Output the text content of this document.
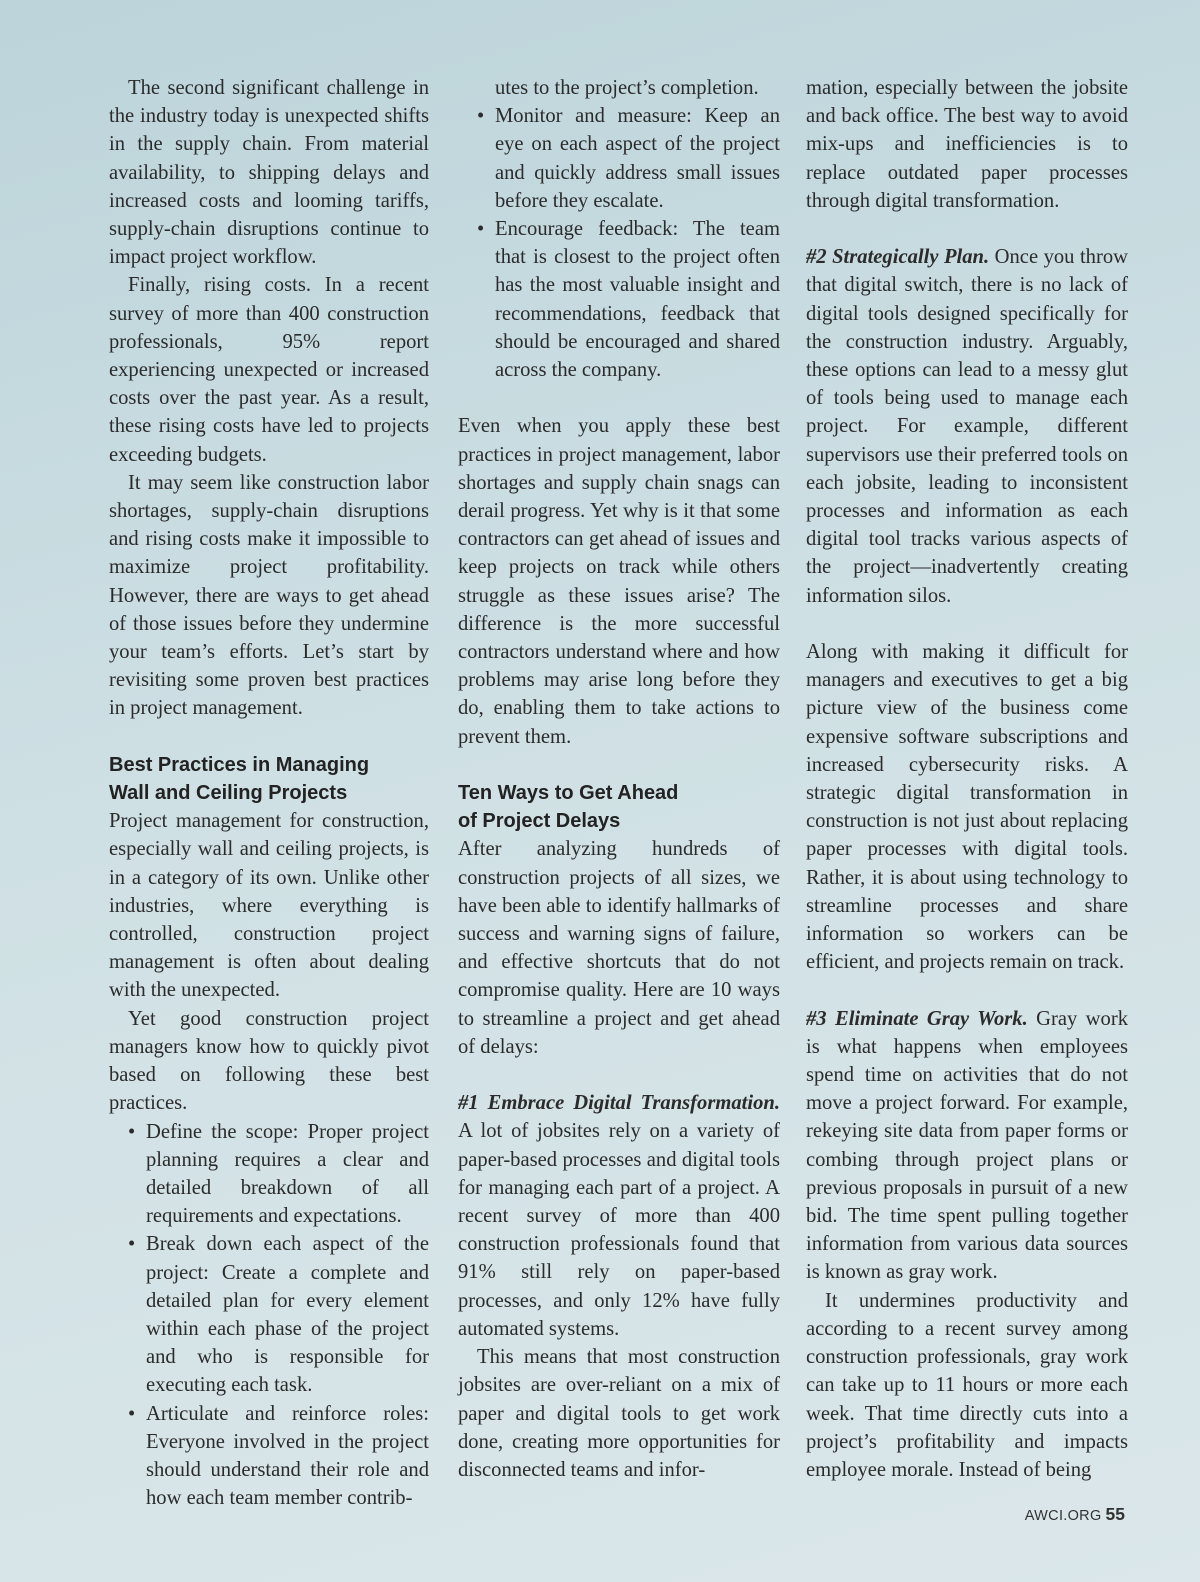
The second significant challenge in the industry today is unexpected shifts in the supply chain. From material availability, to shipping delays and increased costs and looming tariffs, supply-chain disruptions continue to impact project workflow.

Finally, rising costs. In a recent survey of more than 400 construction professionals, 95% report experiencing unexpected or increased costs over the past year. As a result, these rising costs have led to projects exceeding budgets.

It may seem like construction labor shortages, supply-chain disruptions and rising costs make it impossible to maximize project profitability. However, there are ways to get ahead of those issues before they undermine your team’s efforts. Let’s start by revisiting some proven best practices in project management.

Best Practices in Managing
Wall and Ceiling Projects

Project management for construction, especially wall and ceiling projects, is in a category of its own. Unlike other industries, where everything is controlled, construction project management is often about dealing with the unexpected.

Yet good construction project managers know how to quickly pivot based on following these best practices.

• Define the scope: Proper project planning requires a clear and detailed breakdown of all requirements and expectations.
• Break down each aspect of the project: Create a complete and detailed plan for every element within each phase of the project and who is responsible for executing each task.
• Articulate and reinforce roles: Everyone involved in the project should understand their role and how each team member contrib-

utes to the project’s completion.

• Monitor and measure: Keep an eye on each aspect of the project and quickly address small issues before they escalate.
• Encourage feedback: The team that is closest to the project often has the most valuable insight and recommendations, feedback that should be encouraged and shared across the company.

Even when you apply these best practices in project management, labor shortages and supply chain snags can derail progress. Yet why is it that some contractors can get ahead of issues and keep projects on track while others struggle as these issues arise? The difference is the more successful contractors understand where and how problems may arise long before they do, enabling them to take actions to prevent them.

Ten Ways to Get Ahead
of Project Delays

After analyzing hundreds of construction projects of all sizes, we have been able to identify hallmarks of success and warning signs of failure, and effective shortcuts that do not compromise quality. Here are 10 ways to streamline a project and get ahead of delays:

#1 Embrace Digital Transformation. A lot of jobsites rely on a variety of paper-based processes and digital tools for managing each part of a project. A recent survey of more than 400 construction professionals found that 91% still rely on paper-based processes, and only 12% have fully automated systems.

This means that most construction jobsites are over-reliant on a mix of paper and digital tools to get work done, creating more opportunities for disconnected teams and infor-

mation, especially between the jobsite and back office. The best way to avoid mix-ups and inefficiencies is to replace outdated paper processes through digital transformation.

#2 Strategically Plan. Once you throw that digital switch, there is no lack of digital tools designed specifically for the construction industry. Arguably, these options can lead to a messy glut of tools being used to manage each project. For example, different supervisors use their preferred tools on each jobsite, leading to inconsistent processes and information as each digital tool tracks various aspects of the project—inadvertently creating information silos.

Along with making it difficult for managers and executives to get a big picture view of the business come expensive software subscriptions and increased cybersecurity risks. A strategic digital transformation in construction is not just about replacing paper processes with digital tools. Rather, it is about using technology to streamline processes and share information so workers can be efficient, and projects remain on track.

#3 Eliminate Gray Work. Gray work is what happens when employees spend time on activities that do not move a project forward. For example, rekeying site data from paper forms or combing through project plans or previous proposals in pursuit of a new bid. The time spent pulling together information from various data sources is known as gray work.

It undermines productivity and according to a recent survey among construction professionals, gray work can take up to 11 hours or more each week. That time directly cuts into a project’s profitability and impacts employee morale. Instead of being

AWCI.ORG 55
